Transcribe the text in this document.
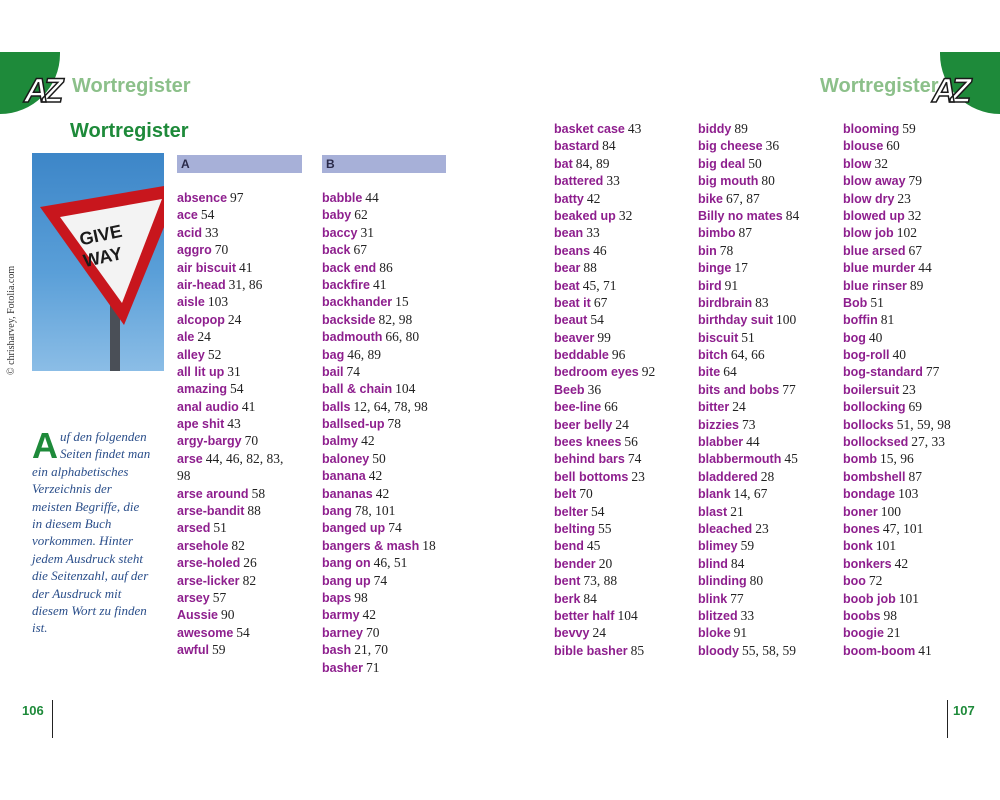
AZ	AZ
Wortregister	Wortregister
Wortregister
© chrisharvey, Fotolia.com
GIVE
WAY
A	B
absence 97
ace 54
acid 33
aggro 70
air biscuit 41
air-head 31, 86
aisle 103
alcopop 24
ale 24
alley 52
all lit up 31
amazing 54
anal audio 41
ape shit 43
argy-bargy 70
arse 44, 46, 82, 83,
98
arse around 58
arse-bandit 88
arsed 51
arsehole 82
arse-holed 26
arse-licker 82
arsey 57
Aussie 90
awesome 54
awful 59
babble 44
baby 62
baccy 31
back 67
back end 86
backfire 41
backhander 15
backside 82, 98
badmouth 66, 80
bag 46, 89
bail 74
ball & chain 104
balls 12, 64, 78, 98
ballsed-up 78
balmy 42
baloney 50
banana 42
bananas 42
bang 78, 101
banged up 74
bangers & mash 18
bang on 46, 51
bang up 74
baps 98
barmy 42
barney 70
bash 21, 70
basher 71
basket case 43
bastard 84
bat 84, 89
battered 33
batty 42
beaked up 32
bean 33
beans 46
bear 88
beat 45, 71
beat it 67
beaut 54
beaver 99
beddable 96
bedroom eyes 92
Beeb 36
bee-line 66
beer belly 24
bees knees 56
behind bars 74
bell bottoms 23
belt 70
belter 54
belting 55
bend 45
bender 20
bent 73, 88
berk 84
better half 104
bevvy 24
bible basher 85
biddy 89
big cheese 36
big deal 50
big mouth 80
bike 67, 87
Billy no mates 84
bimbo 87
bin 78
binge 17
bird 91
birdbrain 83
birthday suit 100
biscuit 51
bitch 64, 66
bite 64
bits and bobs 77
bitter 24
bizzies 73
blabber 44
blabbermouth 45
bladdered 28
blank 14, 67
blast 21
bleached 23
blimey 59
blind 84
blinding 80
blink 77
blitzed 33
bloke 91
bloody 55, 58, 59
blooming 59
blouse 60
blow 32
blow away 79
blow dry 23
blowed up 32
blow job 102
blue arsed 67
blue murder 44
blue rinser 89
Bob 51
boffin 81
bog 40
bog-roll 40
bog-standard 77
boilersuit 23
bollocking 69
bollocks 51, 59, 98
bollocksed 27, 33
bomb 15, 96
bombshell 87
bondage 103
boner 100
bones 47, 101
bonk 101
bonkers 42
boo 72
boob job 101
boobs 98
boogie 21
boom-boom 41
Auf den folgenden Seiten findet man ein alphabetisches Verzeichnis der meisten Begriffe, die in diesem Buch vorkommen. Hinter jedem Ausdruck steht die Seitenzahl, auf der der Ausdruck mit diesem Wort zu finden ist.
106	107
